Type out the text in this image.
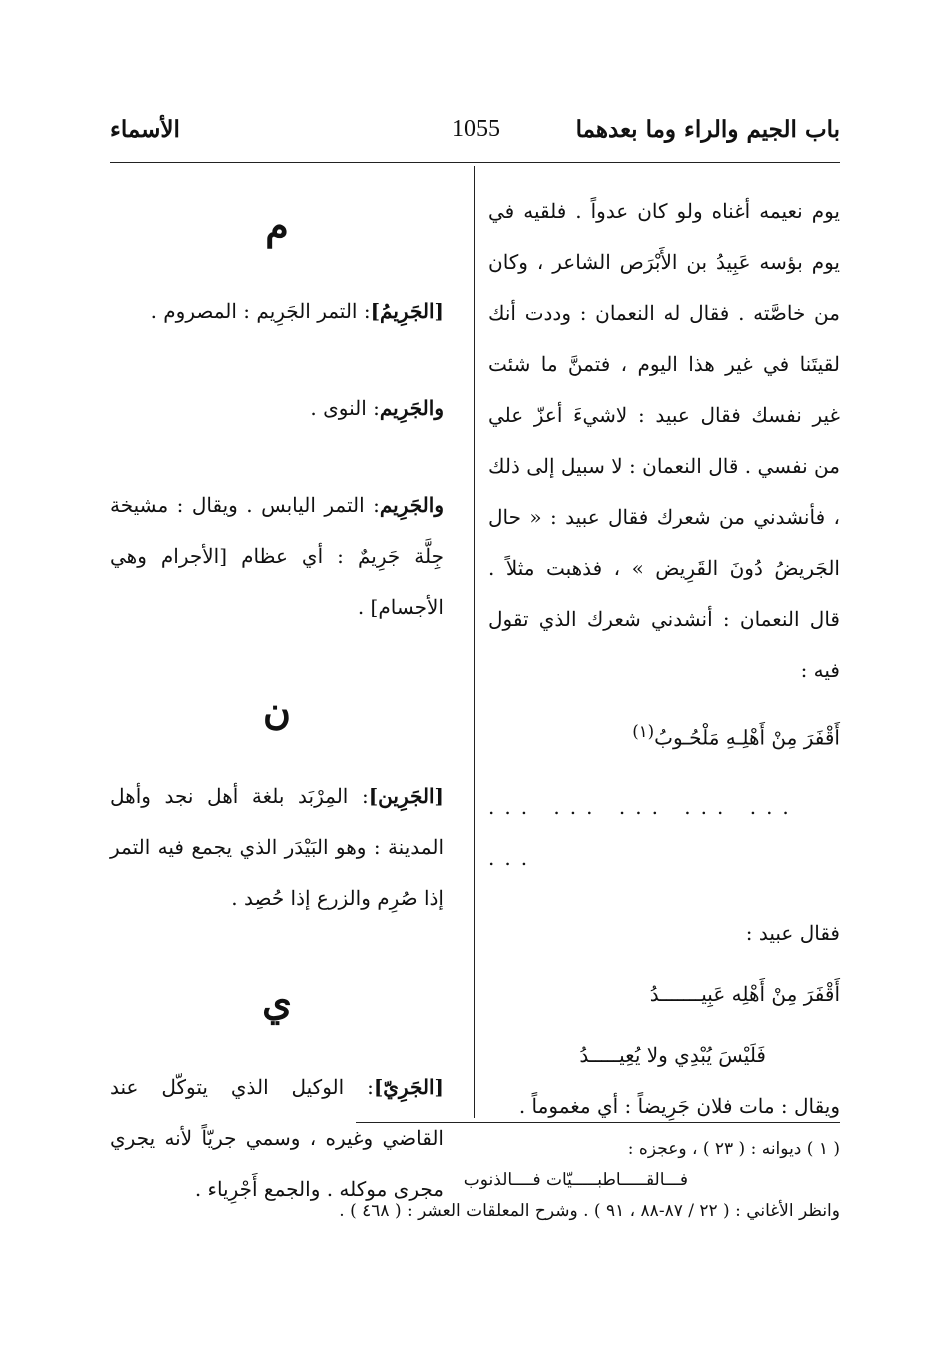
باب الجيم والراء وما بعدهما
1055
الأسماء

يوم نعيمه أغناه ولو كان عدواً . فلقيه في يوم بؤسه عَبِيدُ بن الأَبْرَص الشاعر ، وكان من خاصَّته . فقال له النعمان : وددت أنك لقيتَنا في غير هذا اليوم ، فتمنَّ ما شئت غير نفسك فقال عبيد : لاشيءَ أعزّ علي من نفسي . قال النعمان : لا سبيل إلى ذلك ، فأنشدني من شعرك فقال عبيد : « حال الجَريضُ دُونَ القَرِيض » ، فذهبت مثلاً . قال النعمان : أنشدني شعرك الذي تقول فيه :

أَقْفَرَ مِنْ أَهْلِـهِ مَلْحُـوبُ$^{(١)}$

... ... ... ... ... ...

فقال عبيد :

أَقْفَرَ مِنْ أَهْلِه عَبِيـــــــدُ

فَلَيْسَ يُبْدِي ولا يُعِيـــــدُ

ويقال : مات فلان جَرِيضاً : أي مغموماً .

م

[الجَرِيمُ]: التمر الجَرِيم : المصروم .

والجَرِيم: النوى .

والجَرِيم: التمر اليابس . ويقال : مشيخة جِلَّة جَرِيمٌ : أي عظام [الأجرام وهي الأجسام] .

ن

[الجَرِين]: المِرْبَد بلغة أهل نجد وأهل المدينة : وهو البَيْدَر الذي يجمع فيه التمر إذا صُرِم والزرع إذا حُصِد .

ي

[الجَرِيّ]: الوكيل الذي يتوكّل عند القاضي وغيره ، وسمي جريّاً لأنه يجري مجرى موكله . والجمع أَجْرِياء .

( ١ ) ديوانه : ( ٢٣ ) ، وعجزه :
فـــالقـــــاطبـــــيّات فــــالذنوب
وانظر الأغاني : ( ٢٢ / ٨٧-٨٨ ، ٩١ ) . وشرح المعلقات العشر : ( ٤٦٨ ) .
